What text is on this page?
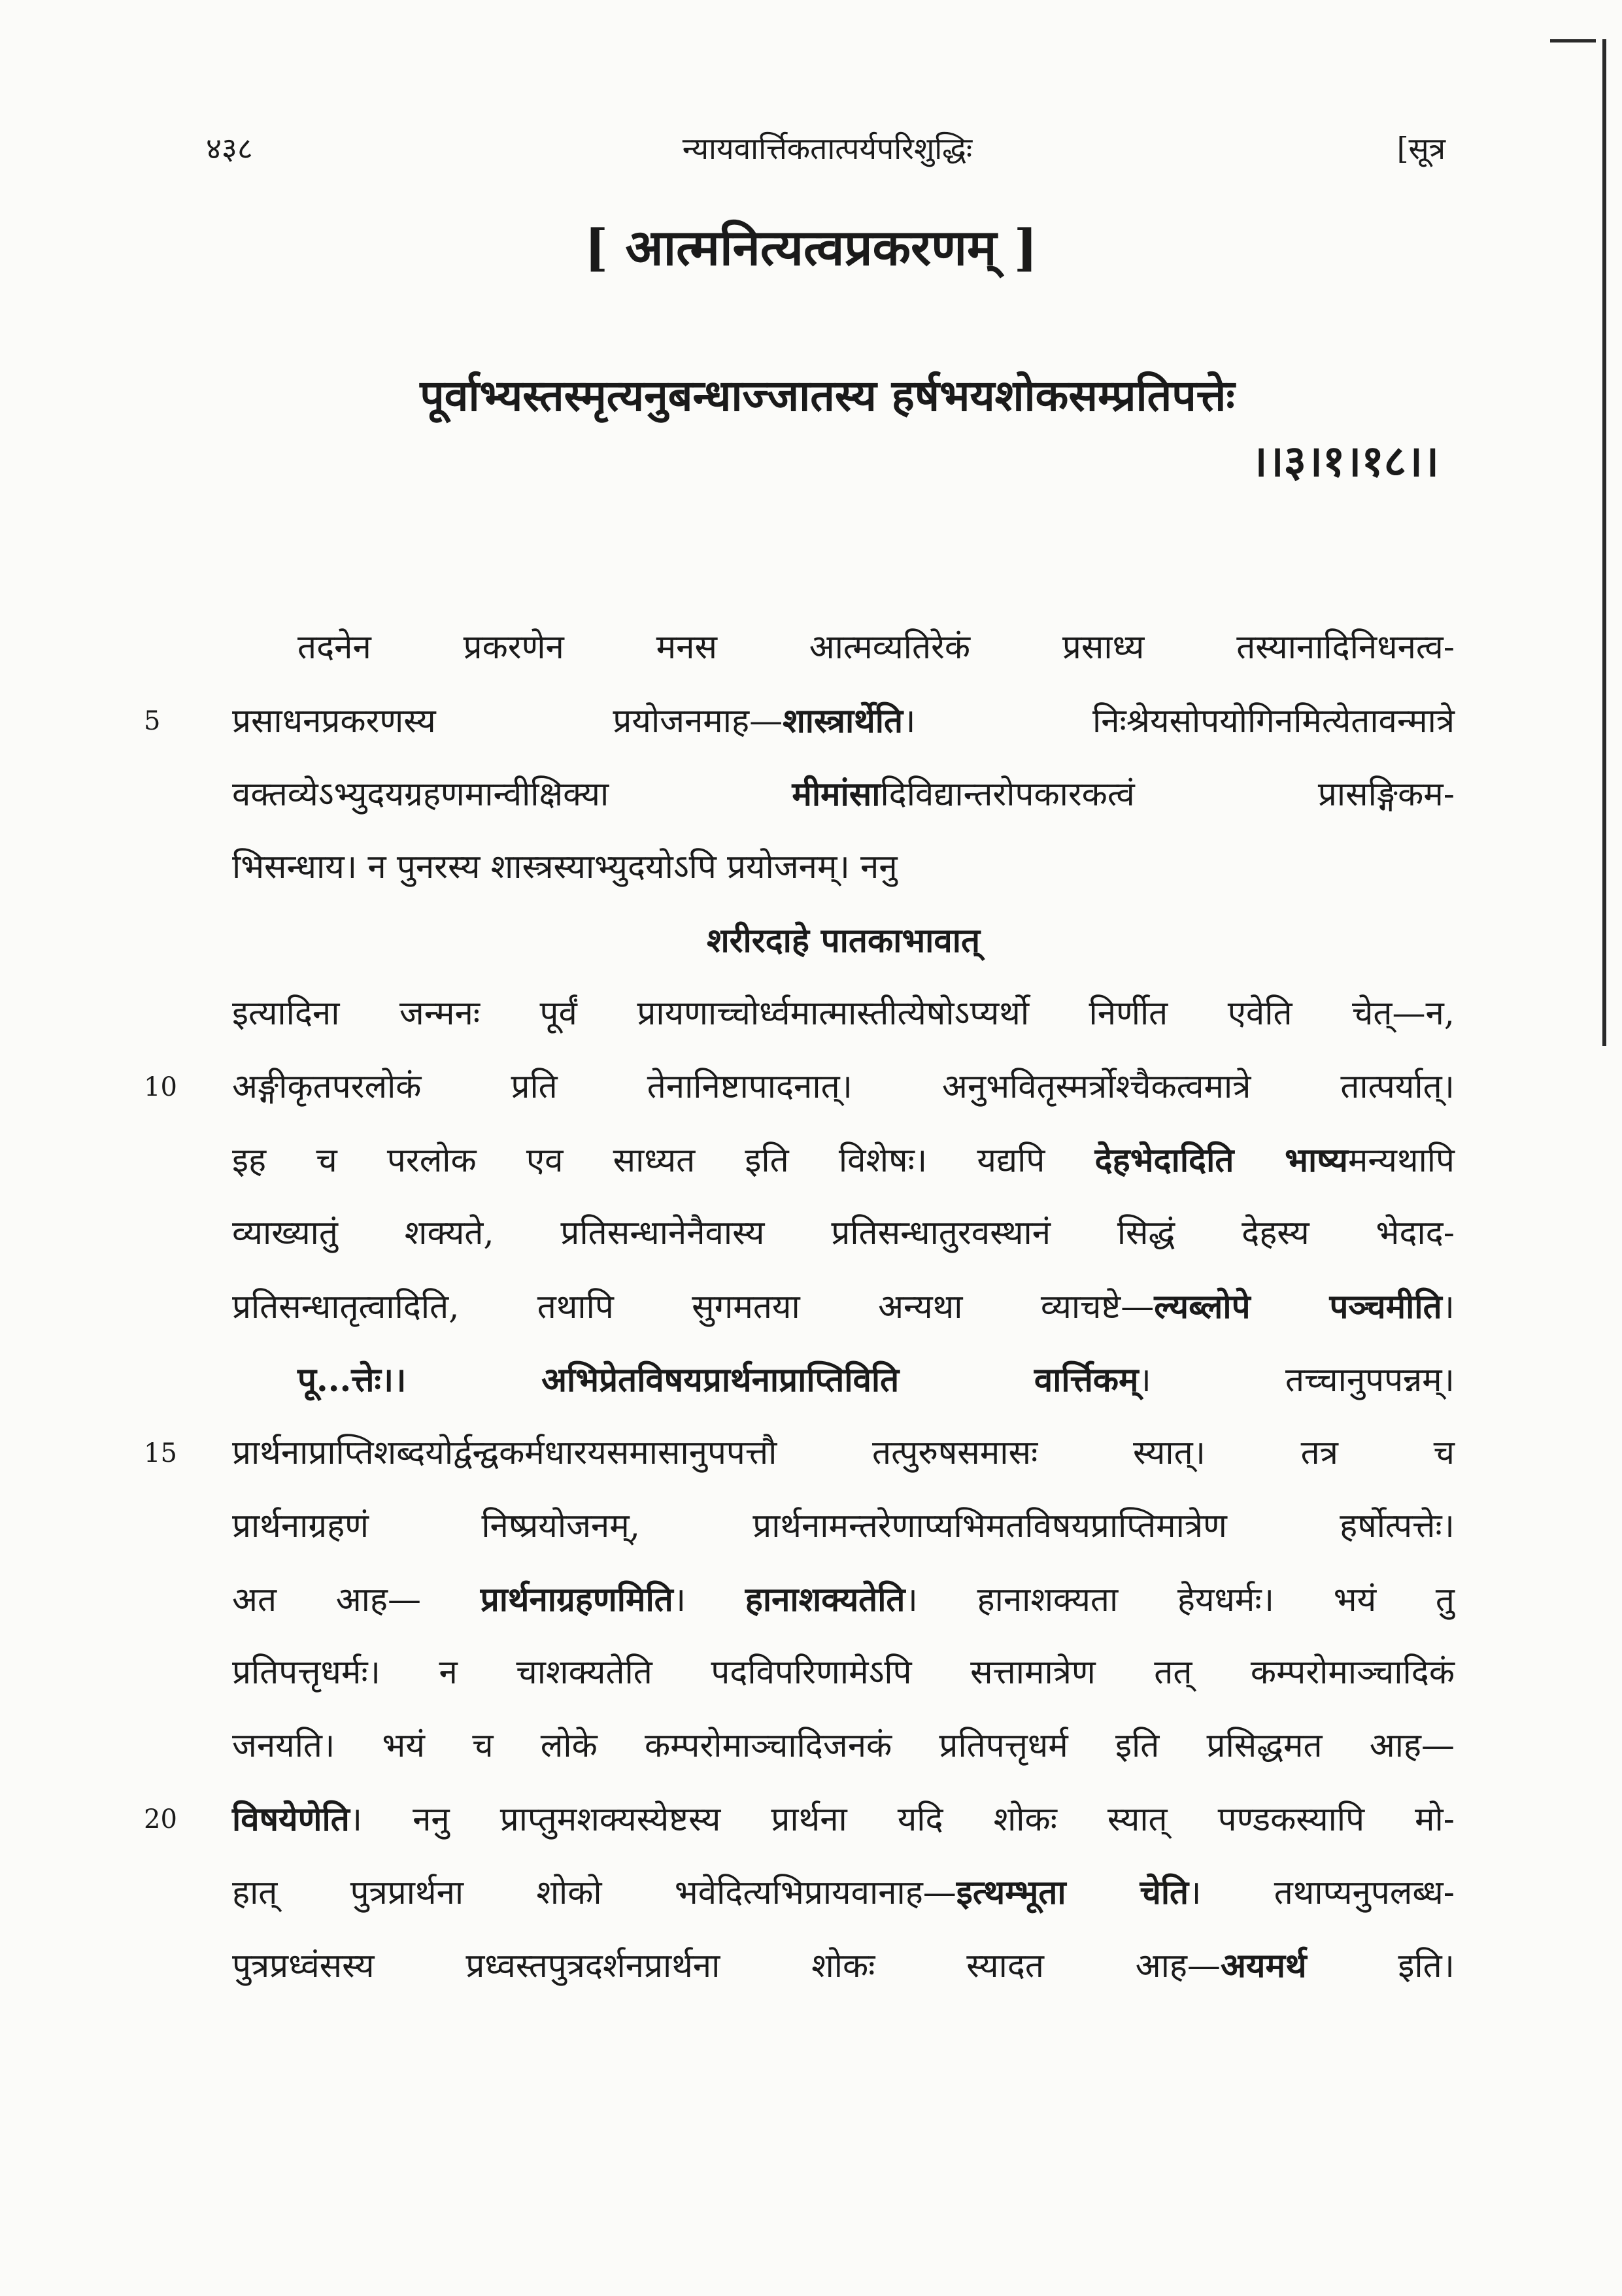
४३८	न्यायवार्त्तिकतात्पर्यपरिशुद्धिः	[सूत्र
[ आत्मनित्यत्वप्रकरणम् ]
पूर्वाभ्यस्तस्मृत्यनुबन्धाज्जातस्य हर्षभयशोकसम्प्रतिपत्तेः
।।३।१।१८।।
तदनेन प्रकरणेन मनस आत्मव्यतिरेकं प्रसाध्य तस्यानादिनिधनत्व-
5	प्रसाधनप्रकरणस्य प्रयोजनमाह—शास्त्रार्थेति। निःश्रेयसोपयोगिनमित्येतावन्मात्रे
वक्तव्येऽभ्युदयग्रहणमान्वीक्षिक्या मीमांसादिविद्यान्तरोपकारकत्वं प्रासङ्गिकम-
भिसन्धाय। न पुनरस्य शास्त्रस्याभ्युदयोऽपि प्रयोजनम्। ननु
शरीरदाहे पातकाभावात्
इत्यादिना जन्मनः पूर्वं प्रायणाच्चोर्ध्वमात्मास्तीत्येषोऽप्यर्थो निर्णीत एवेति चेत्—न,
10 अङ्गीकृतपरलोकं प्रति तेनानिष्टापादनात्। अनुभवितृस्मर्त्रोश्चैकत्वमात्रे तात्पर्यात्।
इह च परलोक एव साध्यत इति विशेषः। यद्यपि देहभेदादिति भाष्यमन्यथापि
व्याख्यातुं शक्यते, प्रतिसन्धानेनैवास्य प्रतिसन्धातुरवस्थानं सिद्धं देहस्य भेदाद-
प्रतिसन्धातृत्वादिति, तथापि सुगमतया अन्यथा व्याचष्टे—ल्यब्लोपे पञ्चमीति।
पू...त्तेः।। अभिप्रेतविषयप्रार्थनाप्राप्तिविति वार्त्तिकम्। तच्चानुपपन्नम्।
15 प्रार्थनाप्राप्तिशब्दयोर्द्वन्द्वकर्मधारयसमासानुपपत्तौ तत्पुरुषसमासः स्यात्। तत्र च
प्रार्थनाग्रहणं निष्प्रयोजनम्, प्रार्थनामन्तरेणाप्यभिमतविषयप्राप्तिमात्रेण हर्षोत्पत्तेः।
अत आह— प्रार्थनाग्रहणमिति। हानाशक्यतेति। हानाशक्यता हेयधर्मः। भयं तु
प्रतिपत्तृधर्मः। न चाशक्यतेति पदविपरिणामेऽपि सत्तामात्रेण तत् कम्परोमाञ्चादिकं
जनयति। भयं च लोके कम्परोमाञ्चादिजनकं प्रतिपत्तृधर्म इति प्रसिद्धमत आह—
20 विषयेणेति। ननु प्राप्तुमशक्यस्येष्टस्य प्रार्थना यदि शोकः स्यात् पण्डकस्यापि मो-
हात् पुत्रप्रार्थना शोको भवेदित्यभिप्रायवानाह—इत्थम्भूता चेति। तथाप्यनुपलब्ध-
पुत्रप्रध्वंसस्य प्रध्वस्तपुत्रदर्शनप्रार्थना शोकः स्यादत आह—अयमर्थ इति।
